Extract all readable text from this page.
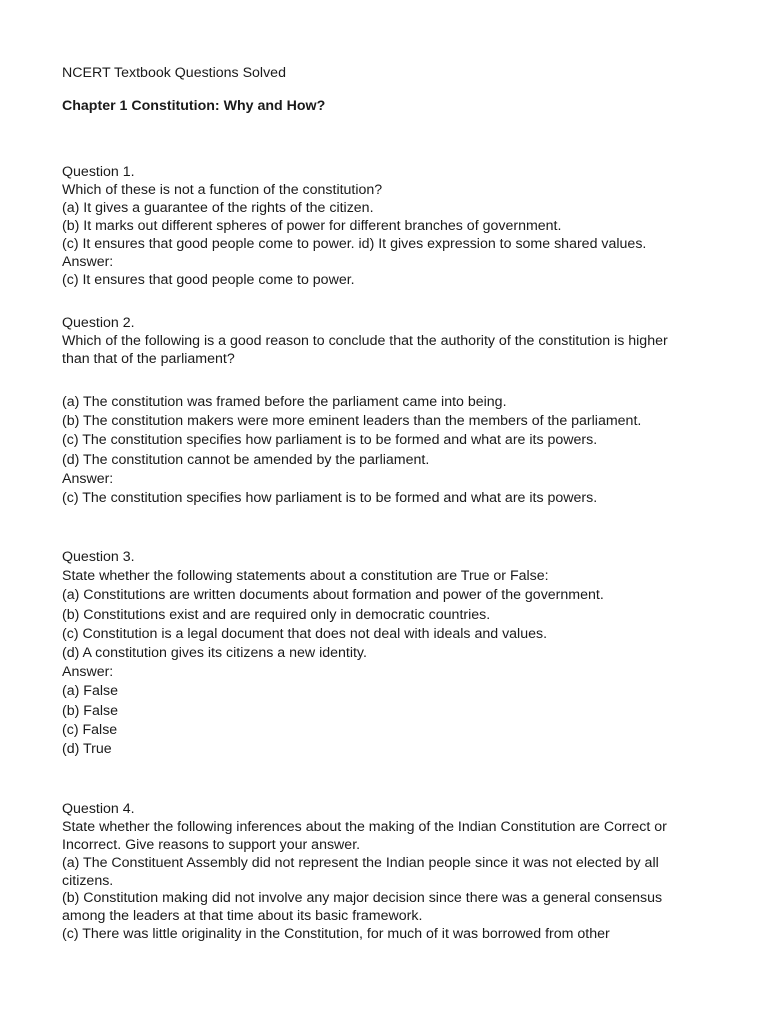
NCERT Textbook Questions Solved
Chapter 1 Constitution: Why and How?
Question 1.
Which of these is not a function of the constitution?
(a) It gives a guarantee of the rights of the citizen.
(b) It marks out different spheres of power for different branches of government.
(c) It ensures that good people come to power. id) It gives expression to some shared values.
Answer:
(c) It ensures that good people come to power.
Question 2.
Which of the following is a good reason to conclude that the authority of the constitution is higher
than that of the parliament?
(a) The constitution was framed before the parliament came into being.
(b) The constitution makers were more eminent leaders than the members of the parliament.
(c) The constitution specifies how parliament is to be formed and what are its powers.
(d) The constitution cannot be amended by the parliament.
Answer:
(c) The constitution specifies how parliament is to be formed and what are its powers.
Question 3.
State whether the following statements about a constitution are True or False:
(a) Constitutions are written documents about formation and power of the government.
(b) Constitutions exist and are required only in democratic countries.
(c) Constitution is a legal document that does not deal with ideals and values.
(d) A constitution gives its citizens a new identity.
Answer:
(a) False
(b) False
(c) False
(d) True
Question 4.
State whether the following inferences about the making of the Indian Constitution are Correct or
Incorrect. Give reasons to support your answer.
(a) The Constituent Assembly did not represent the Indian people since it was not elected by all
citizens.
(b) Constitution making did not involve any major decision since there was a general consensus
among the leaders at that time about its basic framework.
(c) There was little originality in the Constitution, for much of it was borrowed from other
